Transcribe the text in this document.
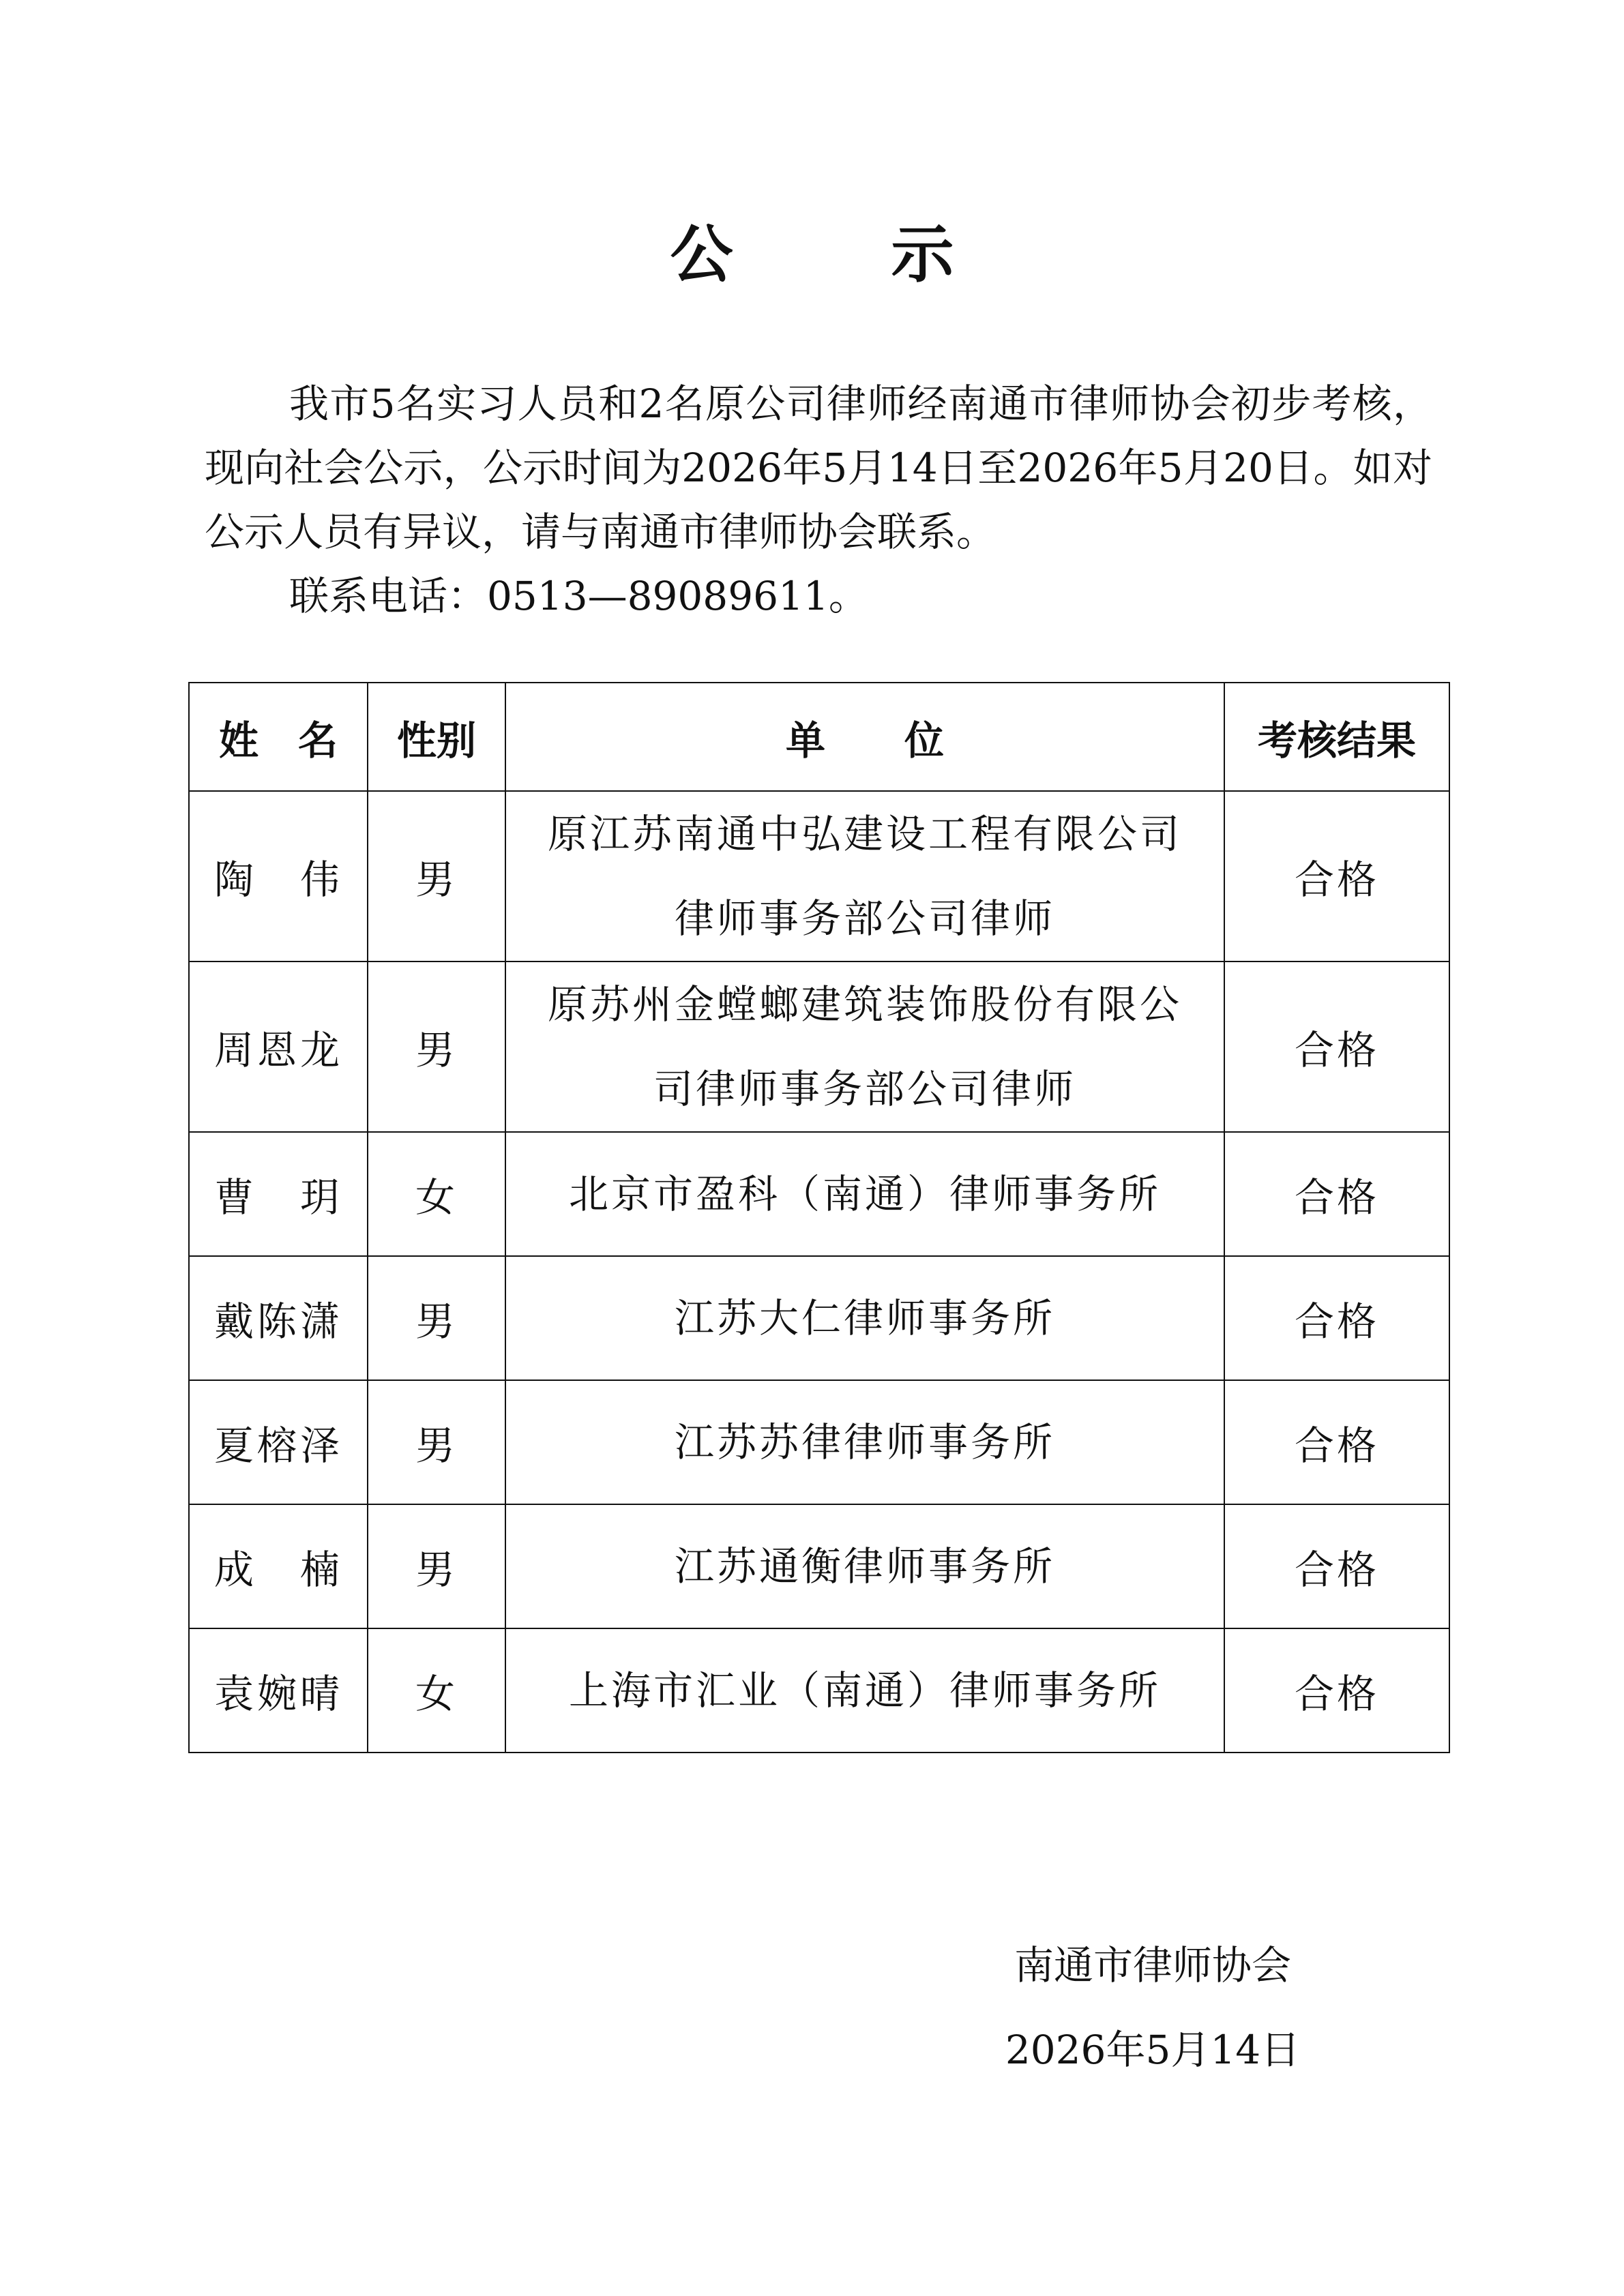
公 示
我市5名实习人员和2名原公司律师经南通市律师协会初步考核，现向社会公示，公示时间为2026年5月14日至2026年5月20日。如对公示人员有异议，请与南通市律师协会联系。
联系电话：0513—89089611。
姓　名	性别	单　　位	考核结果
陶伟	男	原江苏南通中弘建设工程有限公司律师事务部公司律师	合格
周恩龙	男	原苏州金螳螂建筑装饰股份有限公司律师事务部公司律师	合格
曹玥	女	北京市盈科（南通）律师事务所	合格
戴陈潇	男	江苏大仁律师事务所	合格
夏榕泽	男	江苏苏律律师事务所	合格
成楠	男	江苏通衡律师事务所	合格
袁婉晴	女	上海市汇业（南通）律师事务所	合格
南通市律师协会
2026年5月14日
